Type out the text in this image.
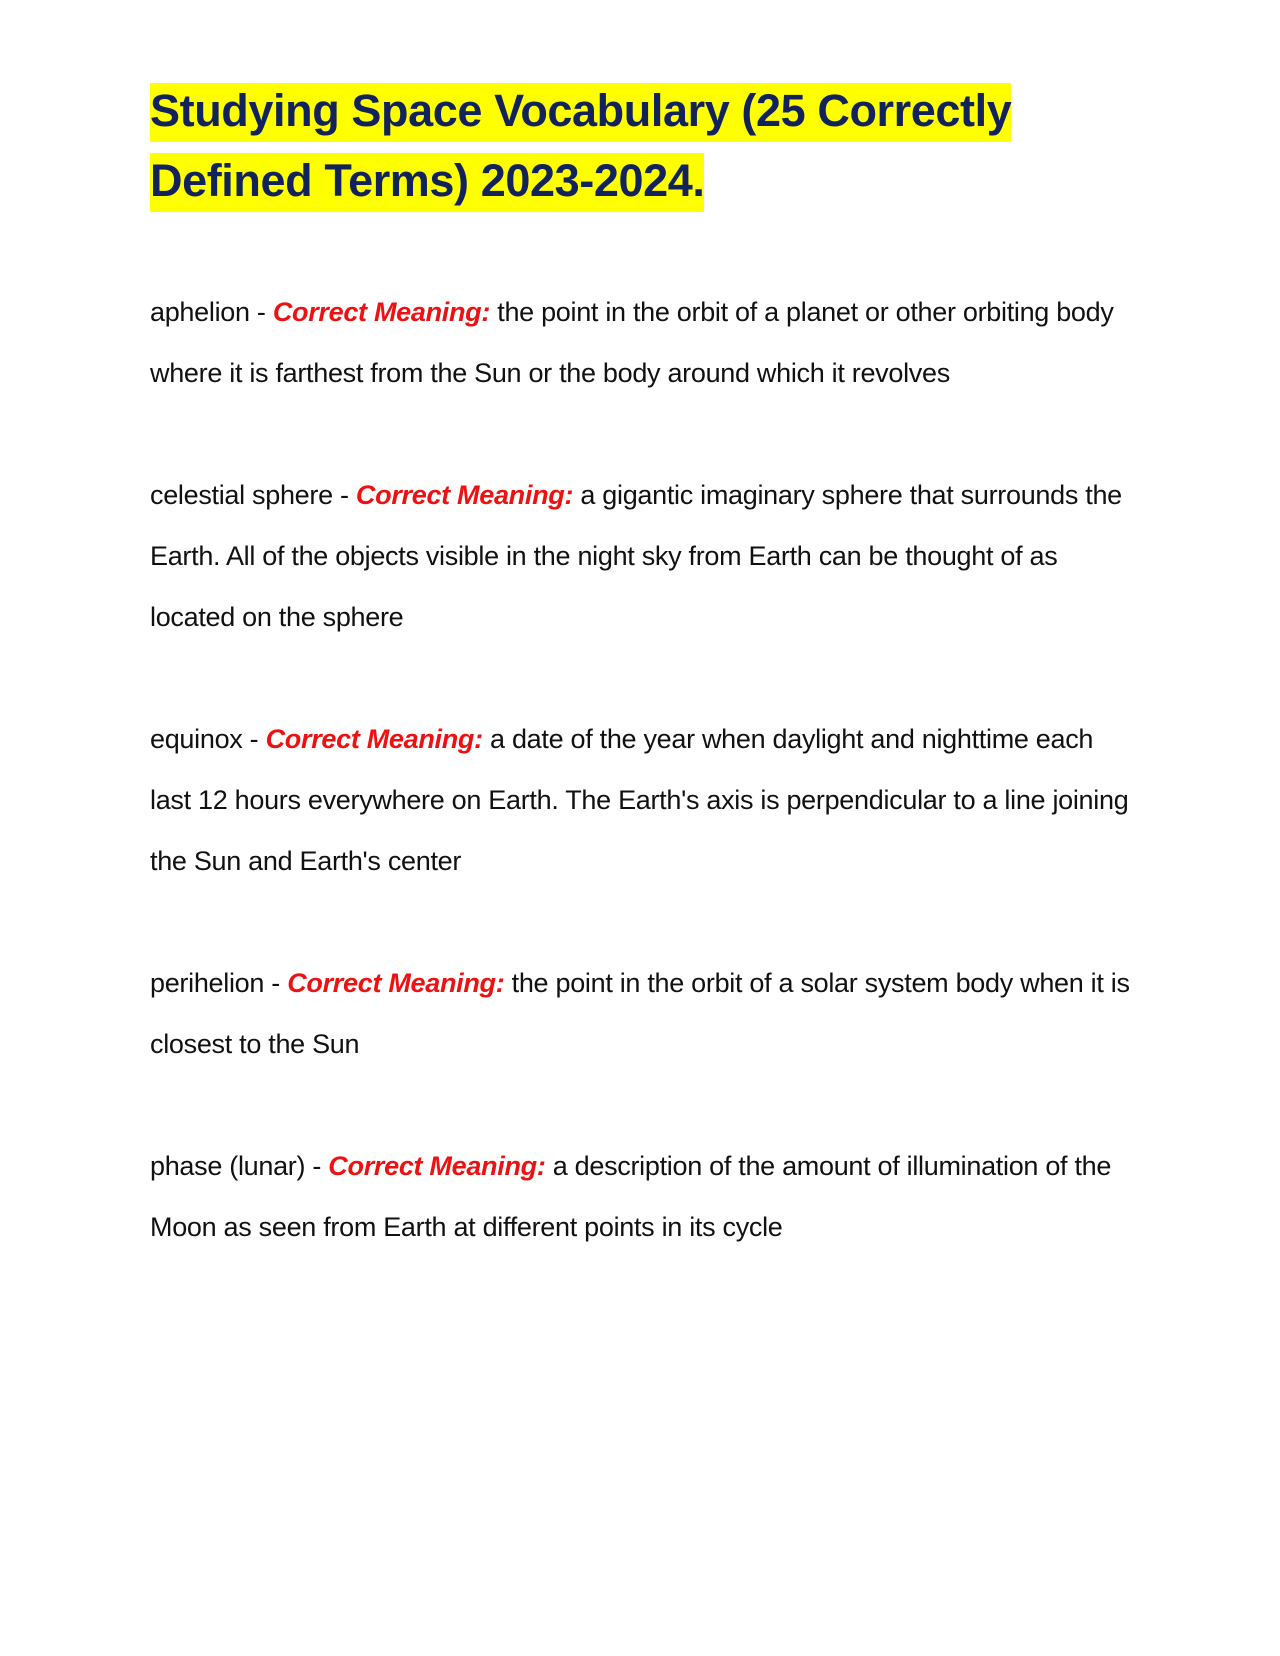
Studying Space Vocabulary (25 Correctly Defined Terms) 2023-2024.

aphelion - Correct Meaning: the point in the orbit of a planet or other orbiting body where it is farthest from the Sun or the body around which it revolves

celestial sphere - Correct Meaning: a gigantic imaginary sphere that surrounds the Earth. All of the objects visible in the night sky from Earth can be thought of as located on the sphere

equinox - Correct Meaning: a date of the year when daylight and nighttime each last 12 hours everywhere on Earth. The Earth's axis is perpendicular to a line joining the Sun and Earth's center

perihelion - Correct Meaning: the point in the orbit of a solar system body when it is closest to the Sun

phase (lunar) - Correct Meaning: a description of the amount of illumination of the Moon as seen from Earth at different points in its cycle
